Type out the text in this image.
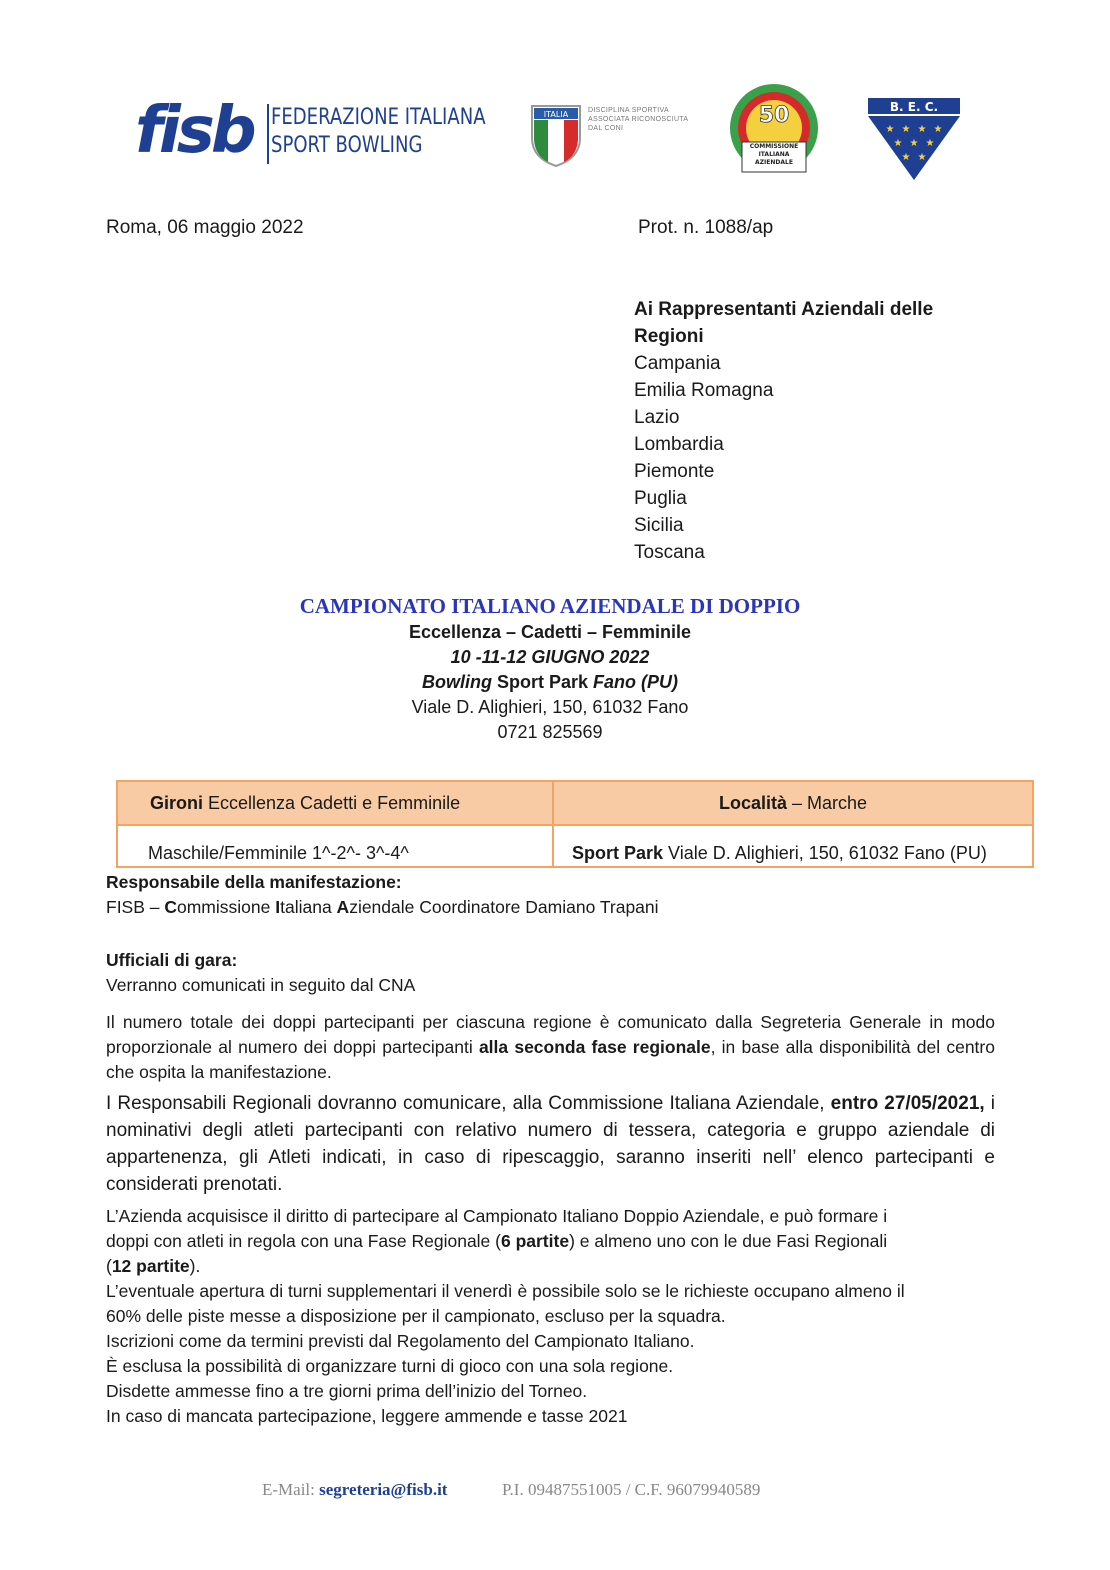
fisb FEDERAZIONE ITALIANA
SPORT BOWLING
ITALIA	DISCIPLINA SPORTIVA ASSOCIATA RICONOSCIUTA DAL CONI
50
COMMISSIONE ITALIANA AZIENDALE
B. E. C.
★ ★ ★ ★
★ ★ ★
★ ★
Roma, 06 maggio 2022	Prot. n. 1088/ap
Ai Rappresentanti Aziendali delle Regioni
Campania
Emilia Romagna
Lazio
Lombardia
Piemonte
Puglia
Sicilia
Toscana
CAMPIONATO ITALIANO AZIENDALE DI DOPPIO
Eccellenza – Cadetti – Femminile
10 -11-12 GIUGNO 2022
Bowling Sport Park Fano (PU)
Viale D. Alighieri, 150, 61032 Fano
0721 825569
Gironi Eccellenza Cadetti e Femminile	Località – Marche
Maschile/Femminile 1^-2^- 3^-4^	Sport Park Viale D. Alighieri, 150, 61032 Fano (PU)
Responsabile della manifestazione:
FISB – Commissione Italiana Aziendale Coordinatore Damiano Trapani
Ufficiali di gara:
Verranno comunicati in seguito dal CNA
Il numero totale dei doppi partecipanti per ciascuna regione è comunicato dalla Segreteria Generale in modo proporzionale al numero dei doppi partecipanti alla seconda fase regionale, in base alla disponibilità del centro che ospita la manifestazione.
I Responsabili Regionali dovranno comunicare, alla Commissione Italiana Aziendale, entro 27/05/2021, i nominativi degli atleti partecipanti con relativo numero di tessera, categoria e gruppo aziendale di appartenenza, gli Atleti indicati, in caso di ripescaggio, saranno inseriti nell’ elenco partecipanti e considerati prenotati.
L’Azienda acquisisce il diritto di partecipare al Campionato Italiano Doppio Aziendale, e può formare i
doppi con atleti in regola con una Fase Regionale (6 partite) e almeno uno con le due Fasi Regionali
(12 partite).
L’eventuale apertura di turni supplementari il venerdì è possibile solo se le richieste occupano almeno il
60% delle piste messe a disposizione per il campionato, escluso per la squadra.
Iscrizioni come da termini previsti dal Regolamento del Campionato Italiano.
È esclusa la possibilità di organizzare turni di gioco con una sola regione.
Disdette ammesse fino a tre giorni prima dell’inizio del Torneo.
In caso di mancata partecipazione, leggere ammende e tasse 2021
E-Mail: segreteria@fisb.it	P.I. 09487551005 / C.F. 96079940589
